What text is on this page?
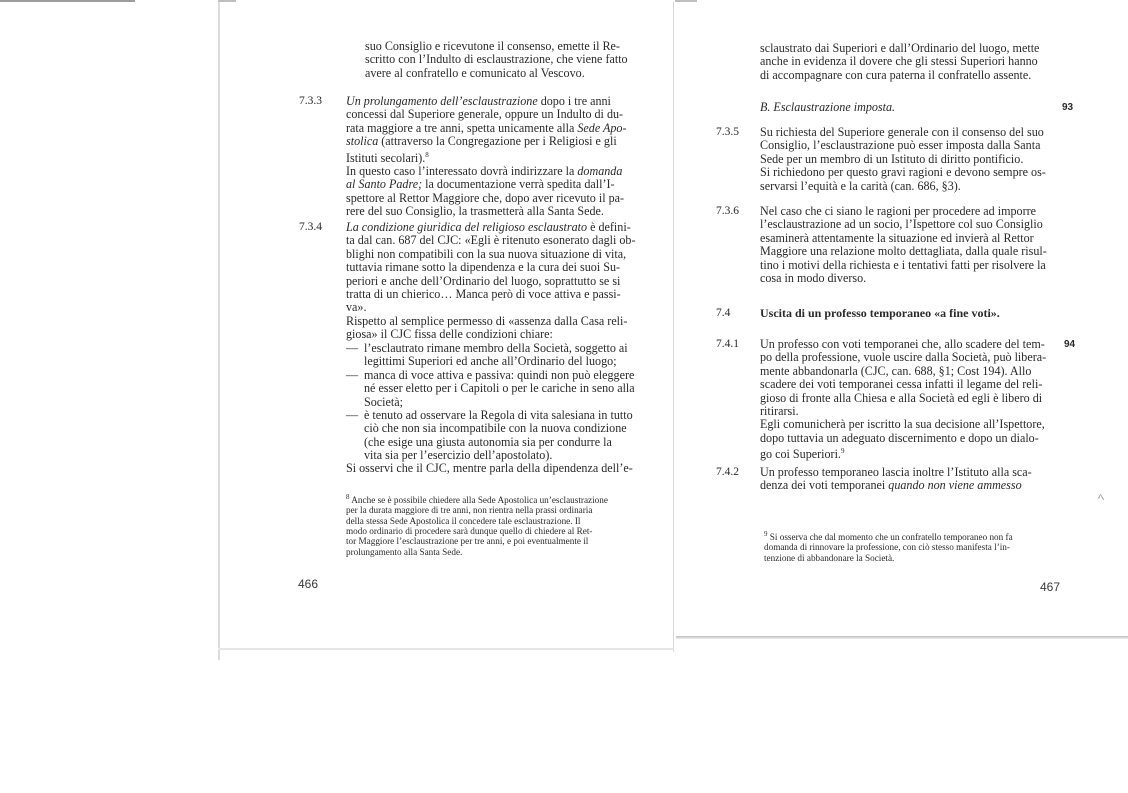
ﾍ
suo Consiglio e ricevutone il consenso, emette il Re-
scritto con l’Indulto di esclaustrazione, che viene fatto
avere al confratello e comunicato al Vescovo.
7.3.3 Un prolungamento dell’esclaustrazione dopo i tre anni
concessi dal Superiore generale, oppure un Indulto di du-
rata maggiore a tre anni, spetta unicamente alla Sede Apo-
stolica (attraverso la Congregazione per i Religiosi e gli
Istituti secolari).$^8$
In questo caso l’interessato dovrà indirizzare la domanda
al Santo Padre; la documentazione verrà spedita dall’I-
spettore al Rettor Maggiore che, dopo aver ricevuto il pa-
rere del suo Consiglio, la trasmetterà alla Santa Sede.
7.3.4 La condizione giuridica del religioso esclaustrato è defini-
ta dal can. 687 del CJC: «Egli è ritenuto esonerato dagli ob-
blighi non compatibili con la sua nuova situazione di vita,
tuttavia rimane sotto la dipendenza e la cura dei suoi Su-
periori e anche dell’Ordinario del luogo, soprattutto se si
tratta di un chierico… Manca però di voce attiva e passi-
va».
Rispetto al semplice permesso di «assenza dalla Casa reli-
giosa» il CJC fissa delle condizioni chiare:
— l’esclautrato rimane membro della Società, soggetto ai
legittimi Superiori ed anche all’Ordinario del luogo;
— manca di voce attiva e passiva: quindi non può eleggere
né esser eletto per i Capitoli o per le cariche in seno alla
Società;
— è tenuto ad osservare la Regola di vita salesiana in tutto
ciò che non sia incompatibile con la nuova condizione
(che esige una giusta autonomia sia per condurre la
vita sia per l’esercizio dell’apostolato).
Si osservi che il CJC, mentre parla della dipendenza dell’e-
$^8$ Anche se è possibile chiedere alla Sede Apostolica un’esclaustrazione
per la durata maggiore di tre anni, non rientra nella prassi ordinaria
della stessa Sede Apostolica il concedere tale esclaustrazione. Il
modo ordinario di procedere sarà dunque quello di chiedere al Ret-
tor Maggiore l’esclaustrazione per tre anni, e poi eventualmente il
prolungamento alla Santa Sede.
466
sclaustrato dai Superiori e dall’Ordinario del luogo, mette
anche in evidenza il dovere che gli stessi Superiori hanno
di accompagnare con cura paterna il confratello assente.
B. Esclaustrazione imposta.	93
7.3.5 Su richiesta del Superiore generale con il consenso del suo
Consiglio, l’esclaustrazione può esser imposta dalla Santa
Sede per un membro di un Istituto di diritto pontificio.
Si richiedono per questo gravi ragioni e devono sempre os-
servarsi l’equità e la carità (can. 686, §3).
7.3.6 Nel caso che ci siano le ragioni per procedere ad imporre
l’esclaustrazione ad un socio, l’Ispettore col suo Consiglio
esaminerà attentamente la situazione ed invierà al Rettor
Maggiore una relazione molto dettagliata, dalla quale risul-
tino i motivi della richiesta e i tentativi fatti per risolvere la
cosa in modo diverso.
7.4 Uscita di un professo temporaneo «a fine voti».
7.4.1 Un professo con voti temporanei che, allo scadere del tem-
po della professione, vuole uscire dalla Società, può libera-
mente abbandonarla (CJC, can. 688, §1; Cost 194). Allo
scadere dei voti temporanei cessa infatti il legame del reli-
gioso di fronte alla Chiesa e alla Società ed egli è libero di
ritirarsi.
Egli comunicherà per iscritto la sua decisione all’Ispettore,
dopo tuttavia un adeguato discernimento e dopo un dialo-
go coi Superiori.$^9$
94
7.4.2 Un professo temporaneo lascia inoltre l’Istituto alla sca-
denza dei voti temporanei quando non viene ammesso
$^9$ Si osserva che dal momento che un confratello temporaneo non fa
domanda di rinnovare la professione, con ciò stesso manifesta l’in-
tenzione di abbandonare la Società.
467
